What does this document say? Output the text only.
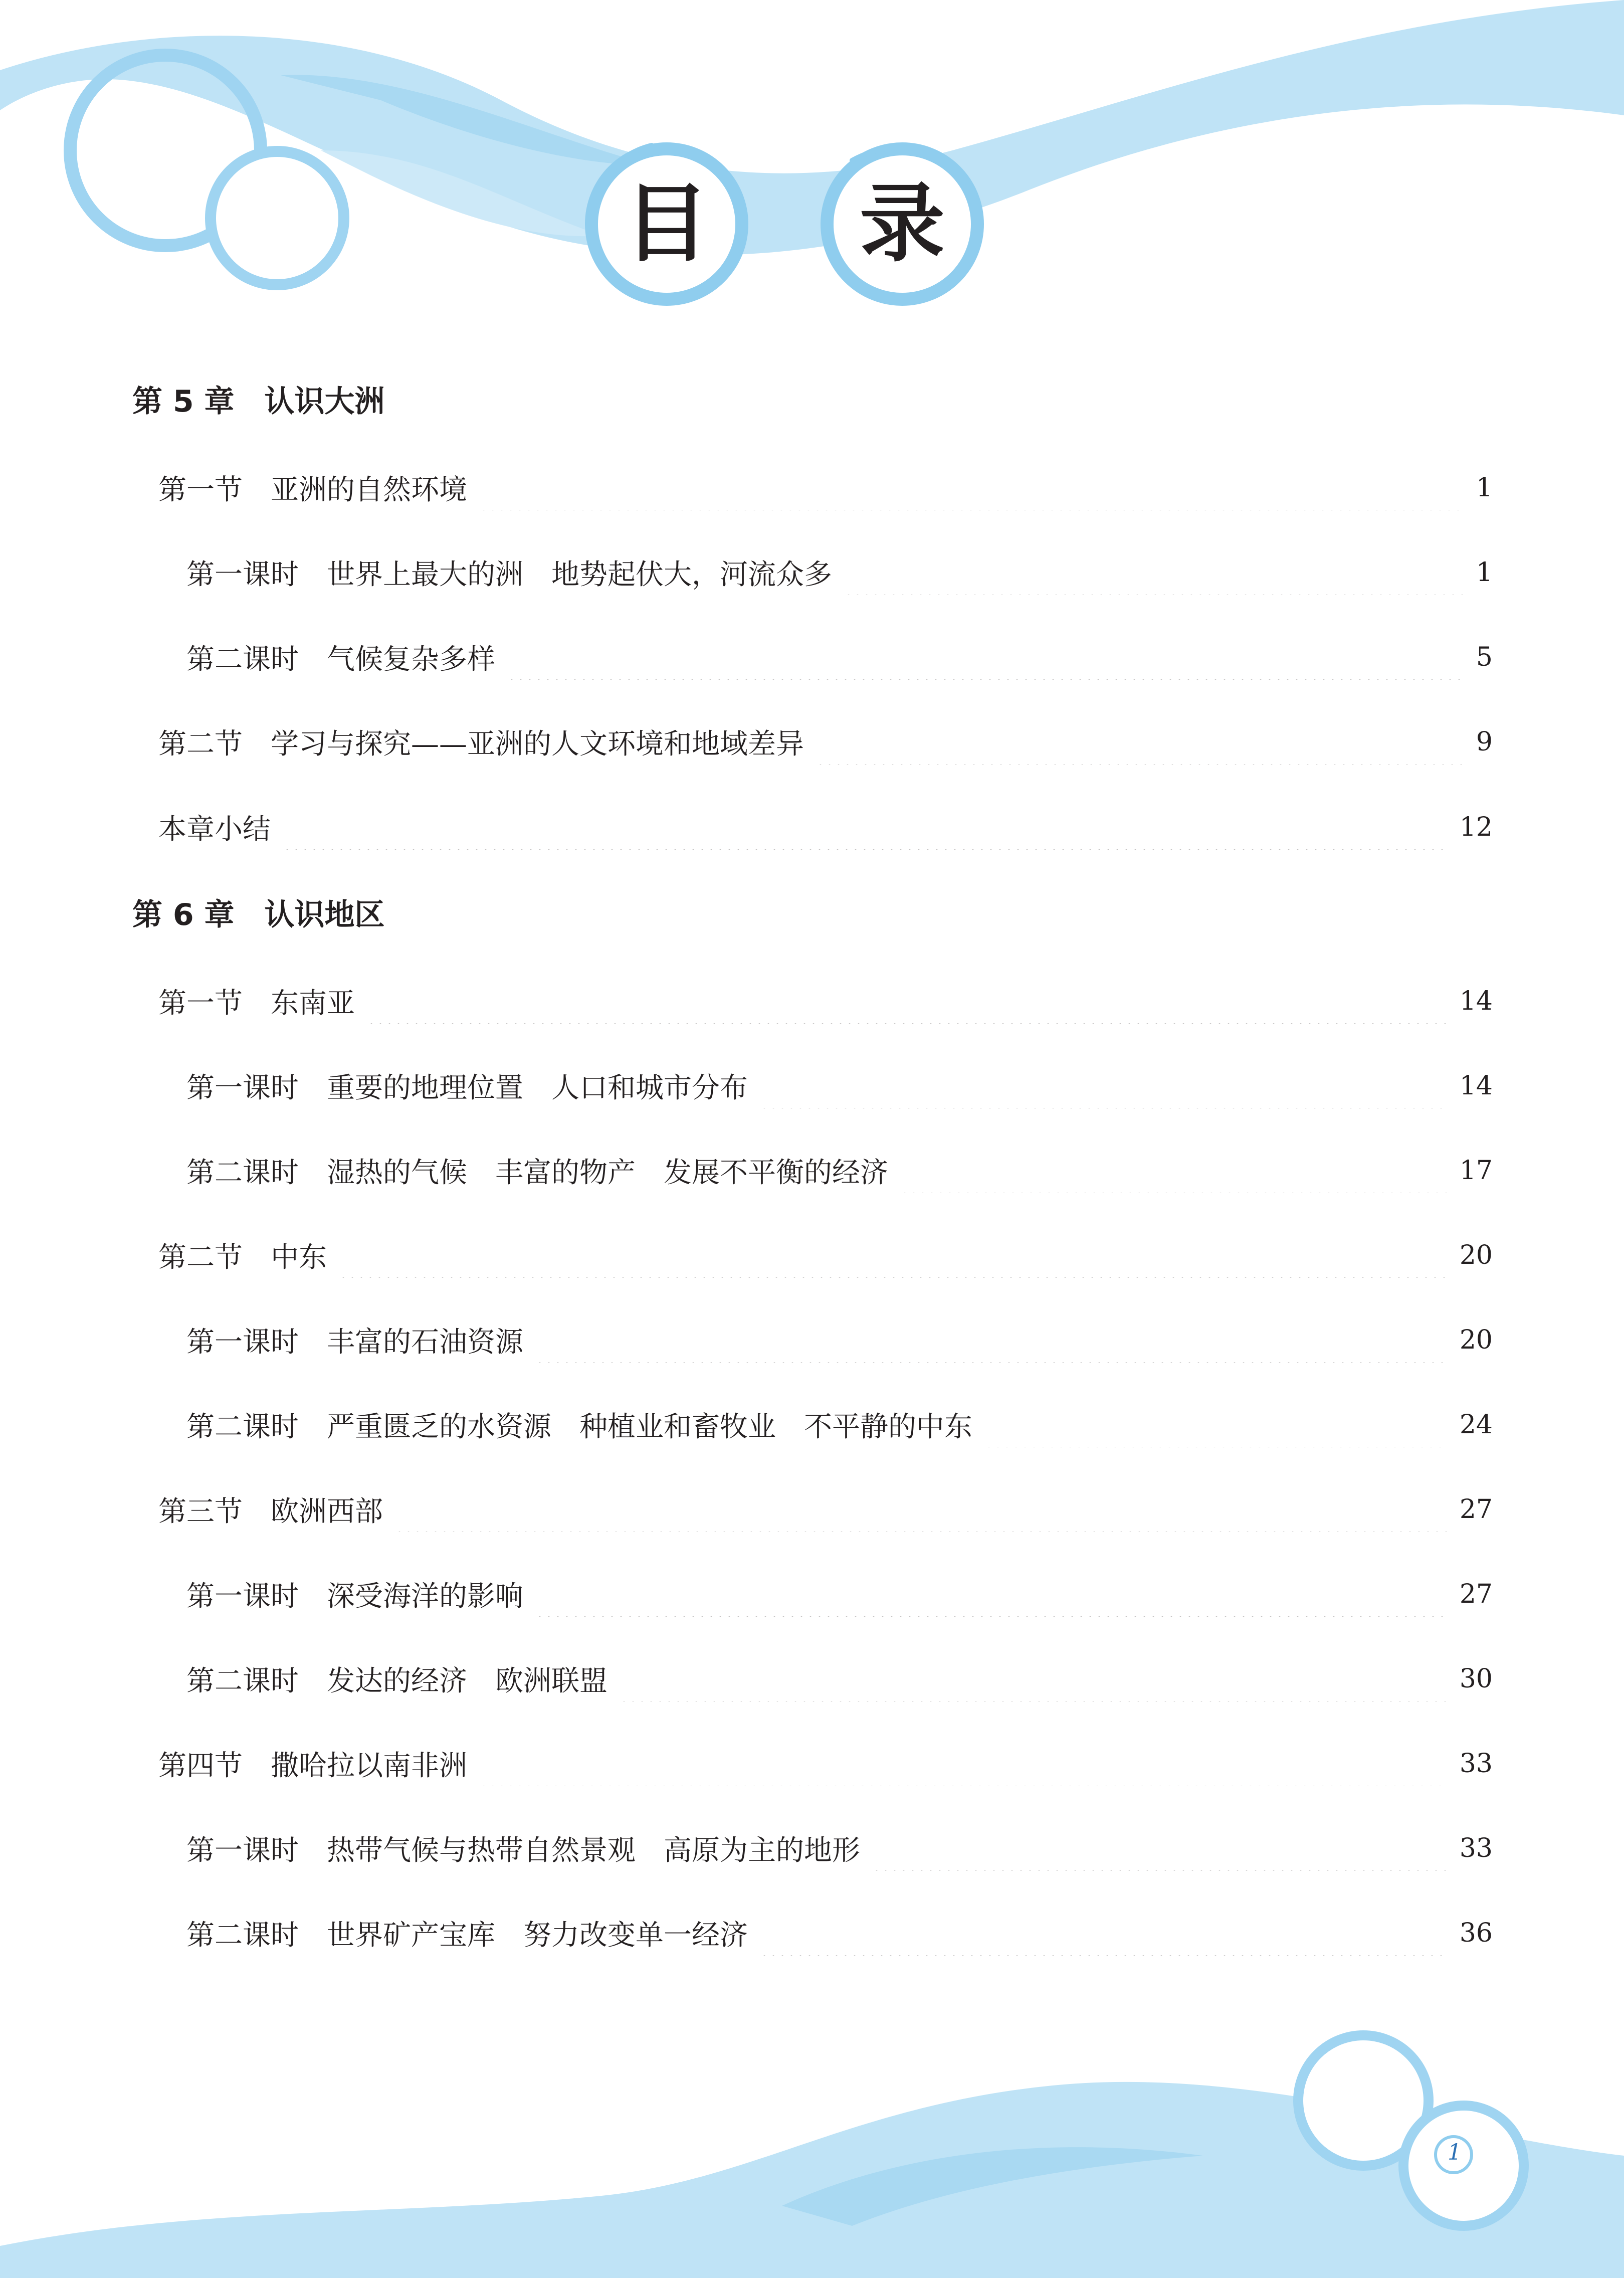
目 录
第 5 章 认识大洲
第一节 亚洲的自然环境	1
第一课时 世界上最大的洲 地势起伏大，河流众多	1
第二课时 气候复杂多样	5
第二节 学习与探究——亚洲的人文环境和地域差异	9
本章小结	12
第 6 章 认识地区
第一节 东南亚	14
第一课时 重要的地理位置 人口和城市分布	14
第二课时 湿热的气候 丰富的物产 发展不平衡的经济	17
第二节 中东	20
第一课时 丰富的石油资源	20
第二课时 严重匮乏的水资源 种植业和畜牧业 不平静的中东	24
第三节 欧洲西部	27
第一课时 深受海洋的影响	27
第二课时 发达的经济 欧洲联盟	30
第四节 撒哈拉以南非洲	33
第一课时 热带气候与热带自然景观 高原为主的地形	33
第二课时 世界矿产宝库 努力改变单一经济	36
1
